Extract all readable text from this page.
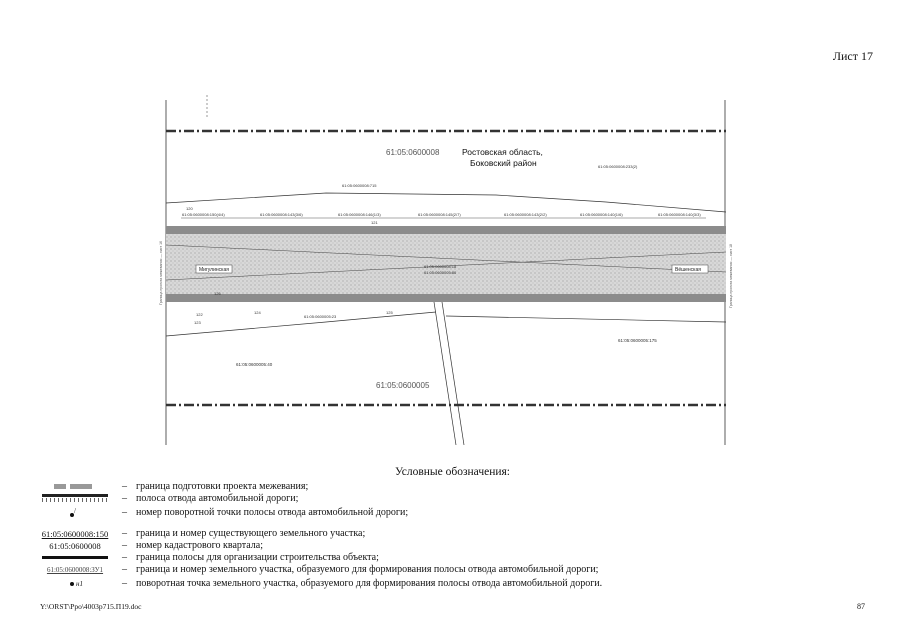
Лист 17
61:05:0600008	Ростовская область,
Боковский район	61:05:0600008:233(2)
61:05:0600008:715
61:05:0600008:150(4/4)	61:05:0600008:143(3/6)	61:05:0600008:146(1/3)	61:05:0600008:145(2/7)	61:05:0600008:143(2/2)	61:05:0600008:140(1/6)	61:05:0600008:140(3/3)
120
121
122
123
124	125
126
Мигулинская	Вёшенская
61:05:0600008:18
61:05:0600005:80
61:05:0600005:23
61:05:0600005:40
61:05:0600005:175
61:05:0600005
Граница проекта межевания — лист 16	Граница проекта межевания — лист 18
Условные обозначения:
– граница подготовки проекта межевания;
– полоса отвода автомобильной дороги;
/	– номер поворотной точки полосы отвода автомобильной дороги;
61:05:0600008:150 – граница и номер существующего земельного участка;
61:05:0600008	– номер кадастрового квартала;
– граница полосы для организации строительства объекта;
61:05:0600008:ЗУ1	– граница и номер земельного участка, образуемого для формирования полосы отвода автомобильной дороги;
н1	– поворотная точка земельного участка, образуемого для формирования полосы отвода автомобильной дороги.
Y:\ORST\Ppo\4003p715.П19.doc	87
